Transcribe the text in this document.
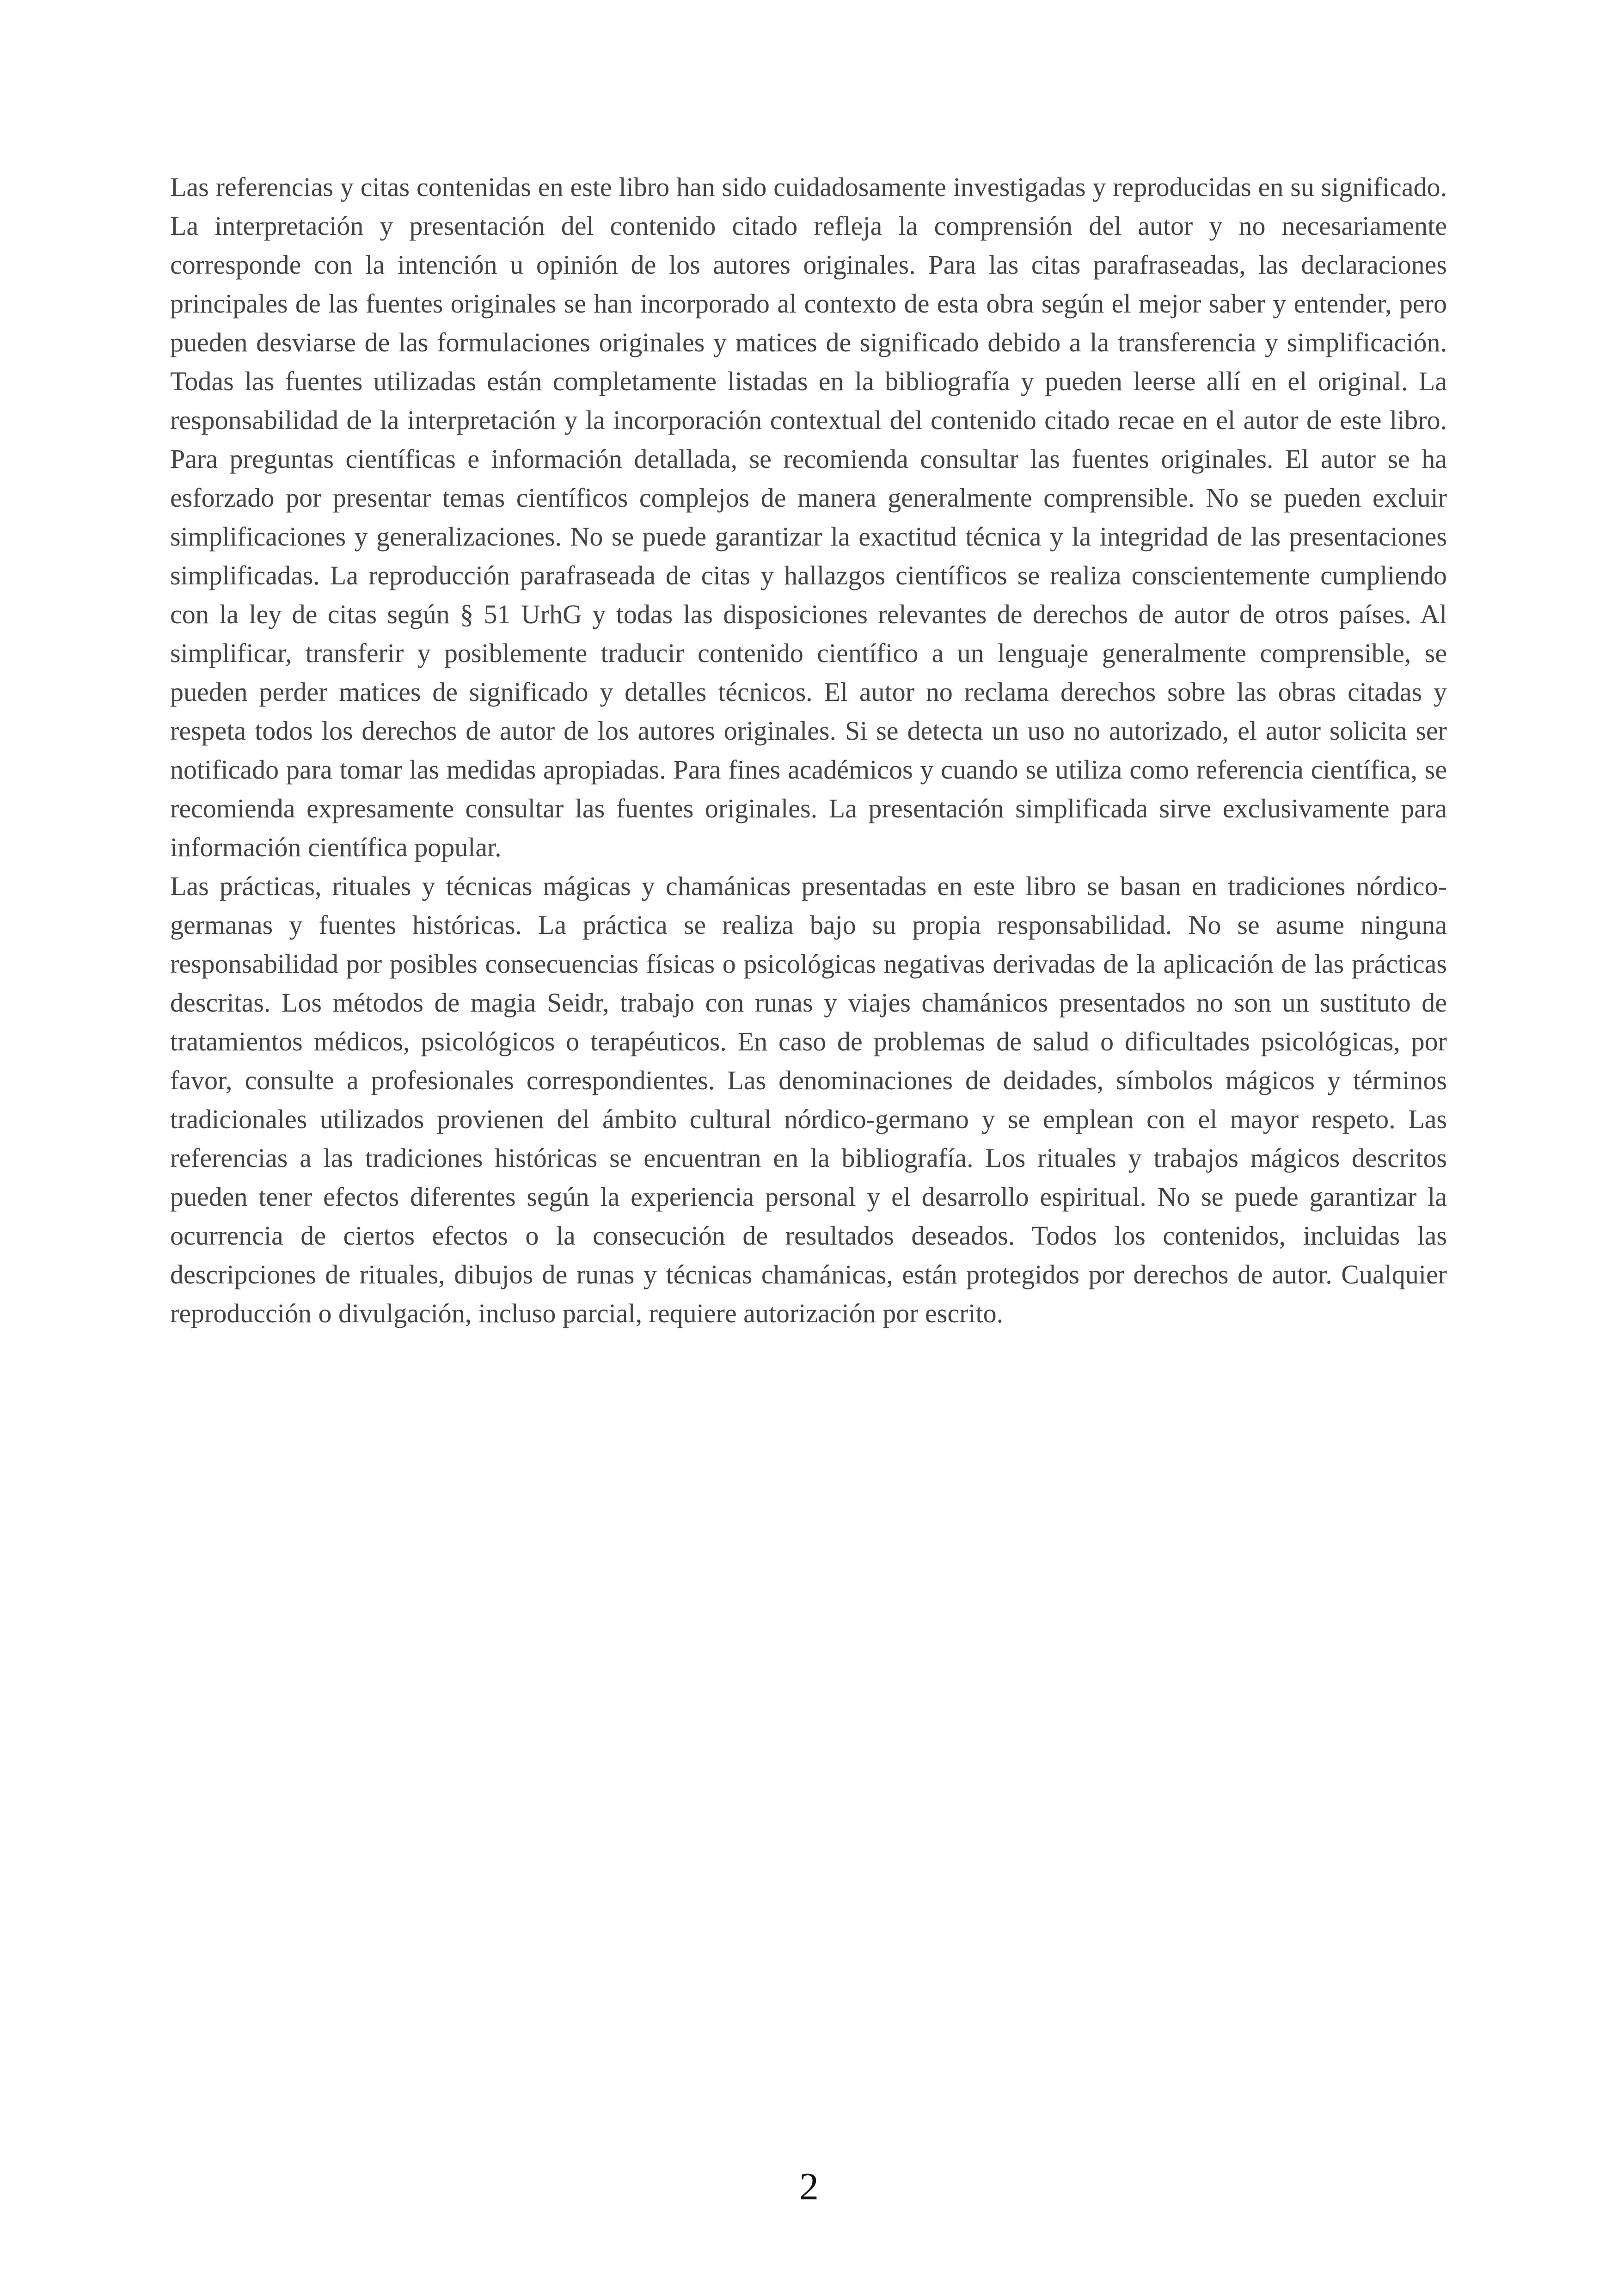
Las referencias y citas contenidas en este libro han sido cuidadosamente investigadas y reproducidas en su significado. La interpretación y presentación del contenido citado refleja la comprensión del autor y no necesariamente corresponde con la intención u opinión de los autores originales. Para las citas parafraseadas, las declaraciones principales de las fuentes originales se han incorporado al contexto de esta obra según el mejor saber y entender, pero pueden desviarse de las formulaciones originales y matices de significado debido a la transferencia y simplificación. Todas las fuentes utilizadas están completamente listadas en la bibliografía y pueden leerse allí en el original. La responsabilidad de la interpretación y la incorporación contextual del contenido citado recae en el autor de este libro. Para preguntas científicas e información detallada, se recomienda consultar las fuentes originales. El autor se ha esforzado por presentar temas científicos complejos de manera generalmente comprensible. No se pueden excluir simplificaciones y generalizaciones. No se puede garantizar la exactitud técnica y la integridad de las presentaciones simplificadas. La reproducción parafraseada de citas y hallazgos científicos se realiza conscientemente cumpliendo con la ley de citas según § 51 UrhG y todas las disposiciones relevantes de derechos de autor de otros países. Al simplificar, transferir y posiblemente traducir contenido científico a un lenguaje generalmente comprensible, se pueden perder matices de significado y detalles técnicos. El autor no reclama derechos sobre las obras citadas y respeta todos los derechos de autor de los autores originales. Si se detecta un uso no autorizado, el autor solicita ser notificado para tomar las medidas apropiadas. Para fines académicos y cuando se utiliza como referencia científica, se recomienda expresamente consultar las fuentes originales. La presentación simplificada sirve exclusivamente para información científica popular.

Las prácticas, rituales y técnicas mágicas y chamánicas presentadas en este libro se basan en tradiciones nórdico-germanas y fuentes históricas. La práctica se realiza bajo su propia responsabilidad. No se asume ninguna responsabilidad por posibles consecuencias físicas o psicológicas negativas derivadas de la aplicación de las prácticas descritas. Los métodos de magia Seidr, trabajo con runas y viajes chamánicos presentados no son un sustituto de tratamientos médicos, psicológicos o terapéuticos. En caso de problemas de salud o dificultades psicológicas, por favor, consulte a profesionales correspondientes. Las denominaciones de deidades, símbolos mágicos y términos tradicionales utilizados provienen del ámbito cultural nórdico-germano y se emplean con el mayor respeto. Las referencias a las tradiciones históricas se encuentran en la bibliografía. Los rituales y trabajos mágicos descritos pueden tener efectos diferentes según la experiencia personal y el desarrollo espiritual. No se puede garantizar la ocurrencia de ciertos efectos o la consecución de resultados deseados. Todos los contenidos, incluidas las descripciones de rituales, dibujos de runas y técnicas chamánicas, están protegidos por derechos de autor. Cualquier reproducción o divulgación, incluso parcial, requiere autorización por escrito.

2
